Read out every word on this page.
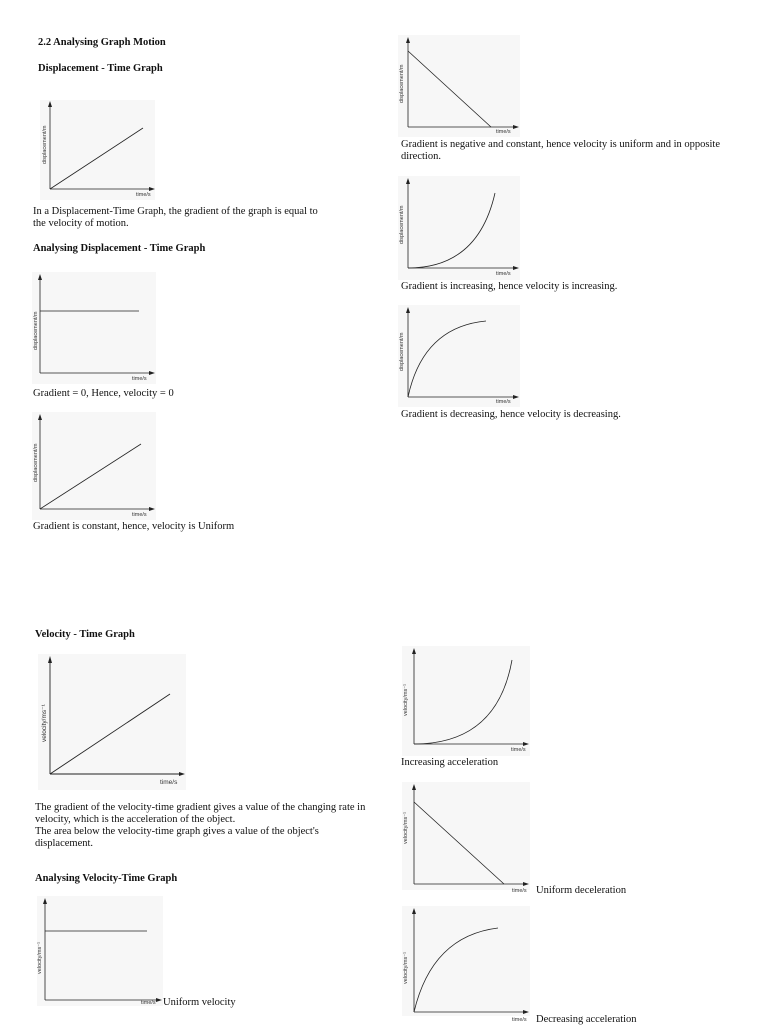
2.2 Analysing Graph Motion
Displacement - Time Graph
displacement/m
time/s
In a Displacement-Time Graph, the gradient of the graph is equal to the velocity of motion.
Analysing Displacement - Time Graph
displacement/m
time/s
Gradient = 0, Hence, velocity = 0
displacement/m
time/s
Gradient is constant, hence, velocity is Uniform
displacement/m
time/s
Gradient is negative and constant, hence velocity is uniform and in opposite direction.
displacement/m
time/s
Gradient is increasing, hence velocity is increasing.
displacement/m
time/s
Gradient is decreasing, hence velocity is decreasing.
Velocity - Time Graph
velocity/ms⁻¹
time/s
The gradient of the velocity-time gradient gives a value of the changing rate in velocity, which is the acceleration of the object.
The area below the velocity-time graph gives a value of the object's displacement.
Analysing Velocity-Time Graph
velocity/ms⁻¹
time/s Uniform velocity
velocity/ms⁻¹
time/s
Increasing acceleration
velocity/ms⁻¹
time/s Uniform deceleration
velocity/ms⁻¹
time/s Decreasing acceleration
